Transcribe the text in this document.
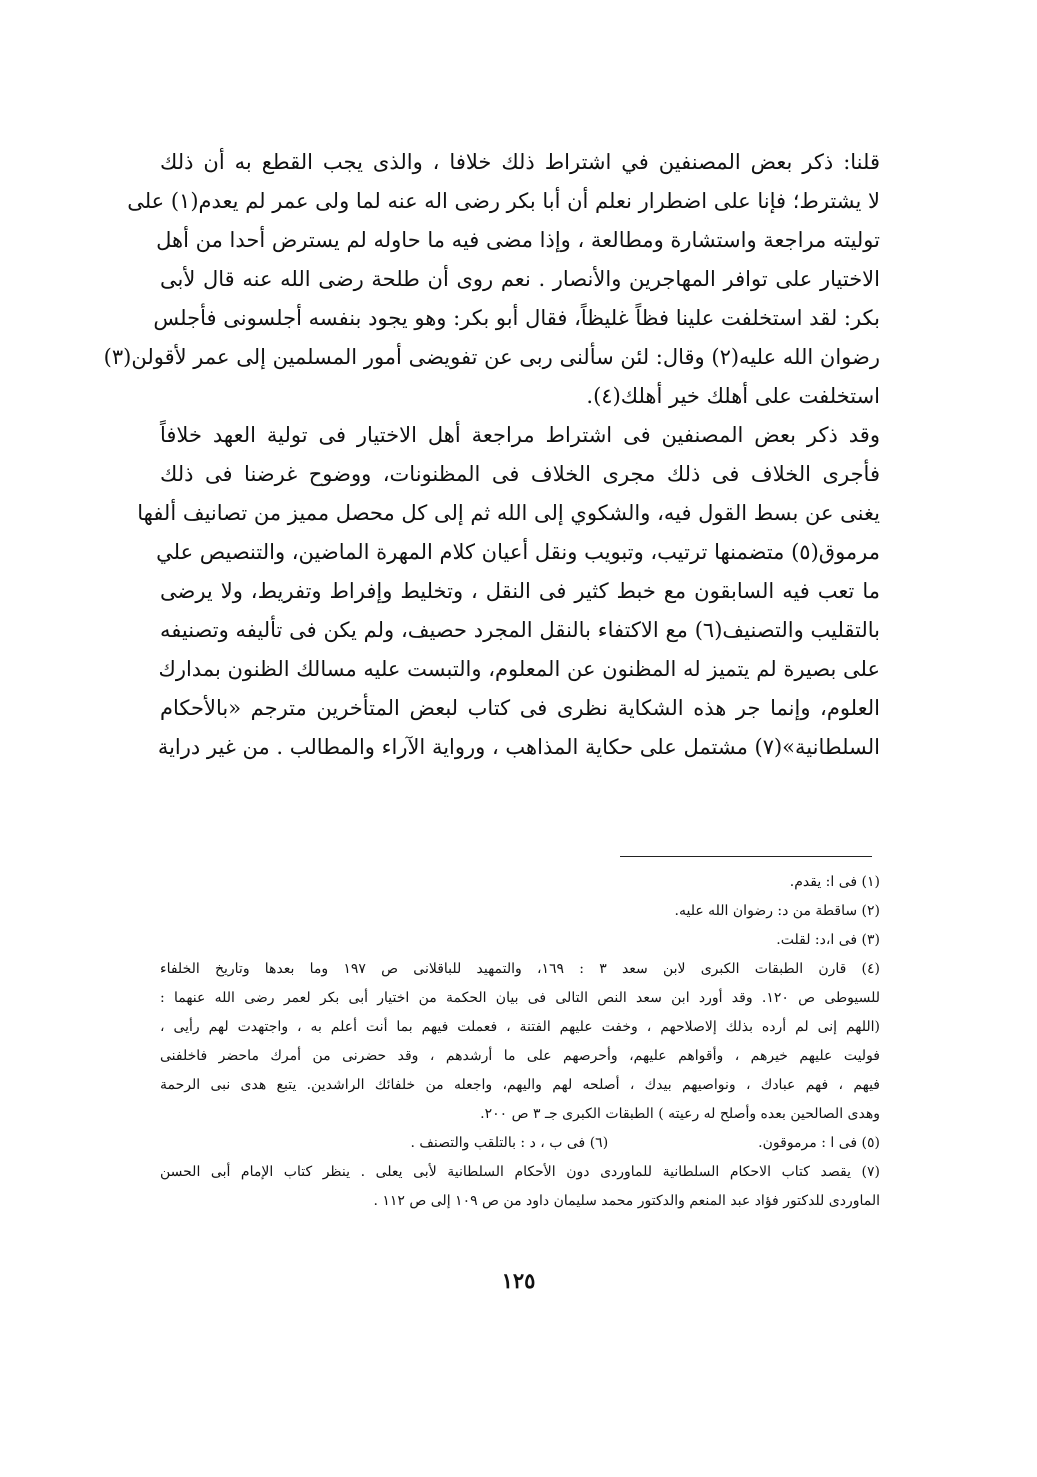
قلنا: ذكر بعض المصنفين في اشتراط ذلك خلافا ، والذى يجب القطع به أن ذلك
لا يشترط؛ فإنا على اضطرار نعلم أن أبا بكر رضى اله عنه لما ولى عمر لم يعدم(١) على
توليته مراجعة واستشارة ومطالعة ، وإذا مضى فيه ما حاوله لم يسترض أحدا من أهل
الاختيار على توافر المهاجرين والأنصار . نعم روى أن طلحة رضى الله عنه قال لأبى
بكر: لقد استخلفت علينا فظاً غليظاً، فقال أبو بكر: وهو يجود بنفسه أجلسونى فأجلس
رضوان الله عليه(٢) وقال: لئن سألنى ربى عن تفويضى أمور المسلمين إلى عمر لأقولن(٣)
استخلفت على أهلك خير أهلك(٤).
وقد ذكر بعض المصنفين فى اشتراط مراجعة أهل الاختيار فى تولية العهد خلافاً
فأجرى الخلاف فى ذلك مجرى الخلاف فى المظنونات، ووضوح غرضنا فى ذلك
يغنى عن بسط القول فيه، والشكوي إلى الله ثم إلى كل محصل مميز من تصانيف ألفها
مرموق(٥) متضمنها ترتيب، وتبويب ونقل أعيان كلام المهرة الماضين، والتنصيص علي
ما تعب فيه السابقون مع خبط كثير فى النقل ، وتخليط وإفراط وتفريط، ولا يرضى
بالتقليب والتصنيف(٦) مع الاكتفاء بالنقل المجرد حصيف، ولم يكن فى تأليفه وتصنيفه
على بصيرة لم يتميز له المظنون عن المعلوم، والتبست عليه مسالك الظنون بمدارك
العلوم، وإنما جر هذه الشكاية نظرى فى كتاب لبعض المتأخرين مترجم «بالأحكام
السلطانية»(٧) مشتمل على حكاية المذاهب ، ورواية الآراء والمطالب . من غير دراية
(١) فى ا: يقدم.
(٢) ساقطة من د: رضوان الله عليه.
(٣) فى ا،د: لقلت.
(٤) قارن الطبقات الكبرى لابن سعد ٣ : ١٦٩، والتمهيد للباقلانى ص ١٩٧ وما بعدها وتاريخ الخلفاء
للسيوطى ص ١٢٠. وقد أورد ابن سعد النص التالى فى بيان الحكمة من اختيار أبى بكر لعمر رضى الله عنهما :
(اللهم إنى لم أرده بذلك إلاصلاحهم ، وخفت عليهم الفتنة ، فعملت فيهم بما أنت أعلم به ، واجتهدت لهم رأيى ،
فوليت عليهم خيرهم ، وأقواهم عليهم، وأحرصهم على ما أرشدهم ، وقد حضرنى من أمرك ماحضر فاخلفنى
فيهم ، فهم عبادك ، ونواصيهم بيدك ، أصلحه لهم واليهم، واجعله من خلفائك الراشدين. يتبع هدى نبى الرحمة
وهدى الصالحين بعده وأصلح له رعيته ) الطبقات الكبرى جـ ٣ ص ٢٠٠.
(٥) فى ا : مرموقون.
(٦) فى ب ، د : بالتلقب والتصنف .
(٧) يقصد كتاب الاحكام السلطانية للماوردى دون الأحكام السلطانية لأبى يعلى . ينظر كتاب الإمام أبى الحسن
الماوردى للدكتور فؤاد عبد المنعم والدكتور محمد سليمان داود من ص ١٠٩ إلى ص ١١٢ .
١٢٥
